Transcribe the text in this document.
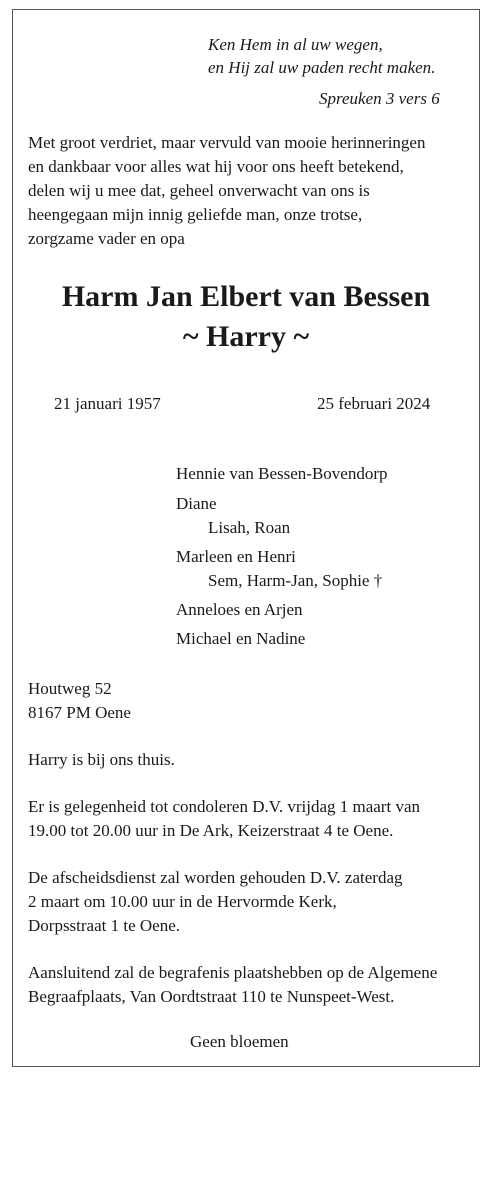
Ken Hem in al uw wegen,
en Hij zal uw paden recht maken.
Spreuken 3 vers 6
Met groot verdriet, maar vervuld van mooie herinneringen
en dankbaar voor alles wat hij voor ons heeft betekend,
delen wij u mee dat, geheel onverwacht van ons is
heengegaan mijn innig geliefde man, onze trotse,
zorgzame vader en opa
Harm Jan Elbert van Bessen
~ Harry ~
21 januari 1957	25 februari 2024
Hennie van Bessen-Bovendorp
Diane
Lisah, Roan
Marleen en Henri
Sem, Harm-Jan, Sophie †
Anneloes en Arjen
Michael en Nadine
Houtweg 52
8167 PM Oene
Harry is bij ons thuis.
Er is gelegenheid tot condoleren D.V. vrijdag 1 maart van
19.00 tot 20.00 uur in De Ark, Keizerstraat 4 te Oene.
De afscheidsdienst zal worden gehouden D.V. zaterdag
2 maart om 10.00 uur in de Hervormde Kerk,
Dorpsstraat 1 te Oene.
Aansluitend zal de begrafenis plaatshebben op de Algemene
Begraafplaats, Van Oordtstraat 110 te Nunspeet-West.
Geen bloemen
